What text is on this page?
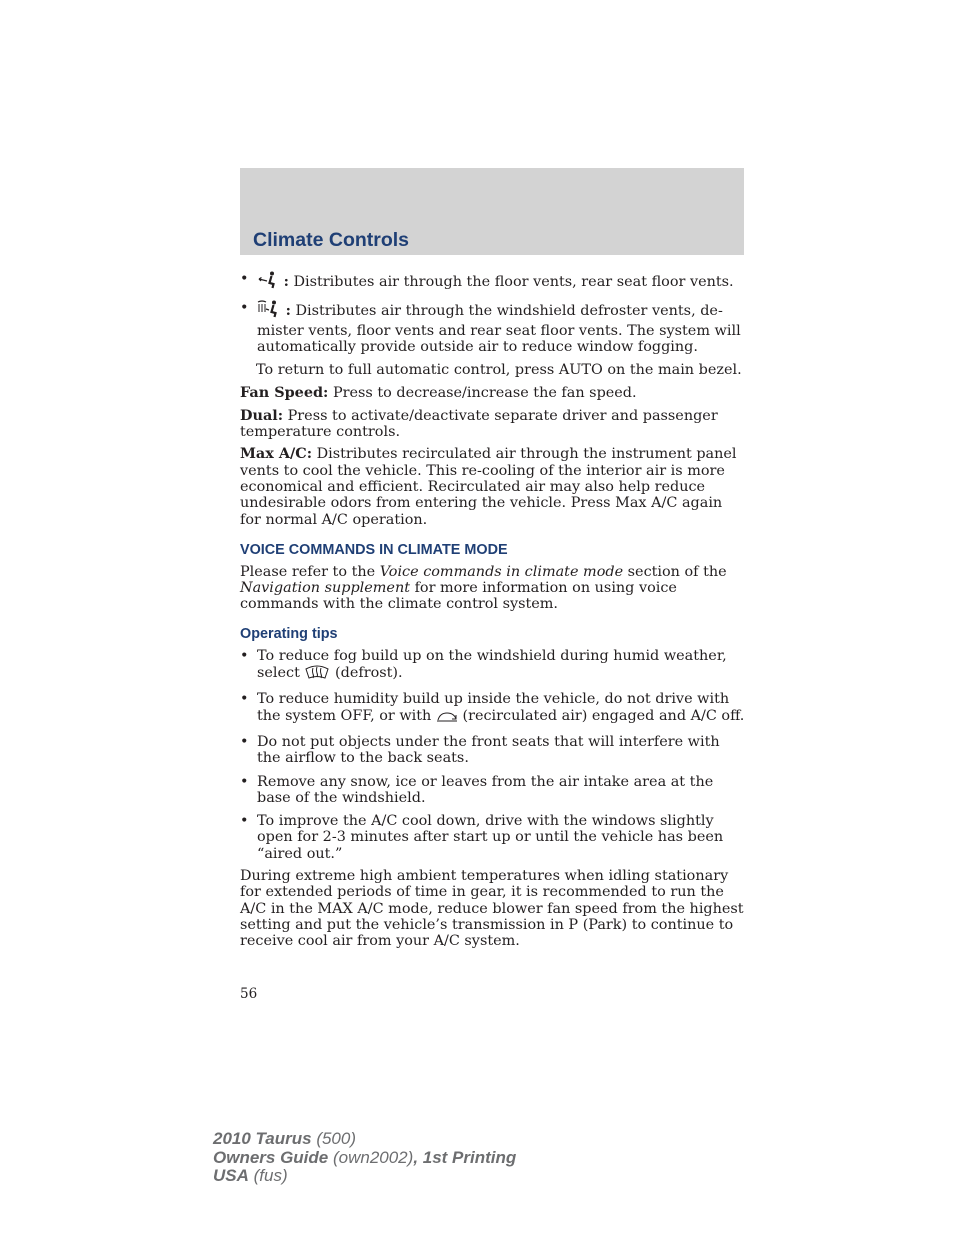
Climate Controls
• : Distributes air through the floor vents, rear seat floor vents.
•	: Distributes air through the windshield defroster vents, de-mister vents, floor vents and rear seat floor vents. The system will automatically provide outside air to reduce window fogging.

To return to full automatic control, press AUTO on the main bezel.

Fan Speed: Press to decrease/increase the fan speed.

Dual: Press to activate/deactivate separate driver and passenger temperature controls.

Max A/C: Distributes recirculated air through the instrument panel vents to cool the vehicle. This re-cooling of the interior air is more economical and efficient. Recirculated air may also help reduce undesirable odors from entering the vehicle. Press Max A/C again for normal A/C operation.

VOICE COMMANDS IN CLIMATE MODE

Please refer to the Voice commands in climate mode section of the Navigation supplement for more information on using voice commands with the climate control system.

Operating tips
• To reduce fog build up on the windshield during humid weather, select (defrost).
• To reduce humidity build up inside the vehicle, do not drive with the system OFF, or with (recirculated air) engaged and A/C off.
• Do not put objects under the front seats that will interfere with the airflow to the back seats.
• Remove any snow, ice or leaves from the air intake area at the base of the windshield.
• To improve the A/C cool down, drive with the windows slightly open for 2-3 minutes after start up or until the vehicle has been “aired out.”

During extreme high ambient temperatures when idling stationary for extended periods of time in gear, it is recommended to run the A/C in the MAX A/C mode, reduce blower fan speed from the highest setting and put the vehicle’s transmission in P (Park) to continue to receive cool air from your A/C system.

56

2010 Taurus (500)
Owners Guide (own2002), 1st Printing
USA (fus)
